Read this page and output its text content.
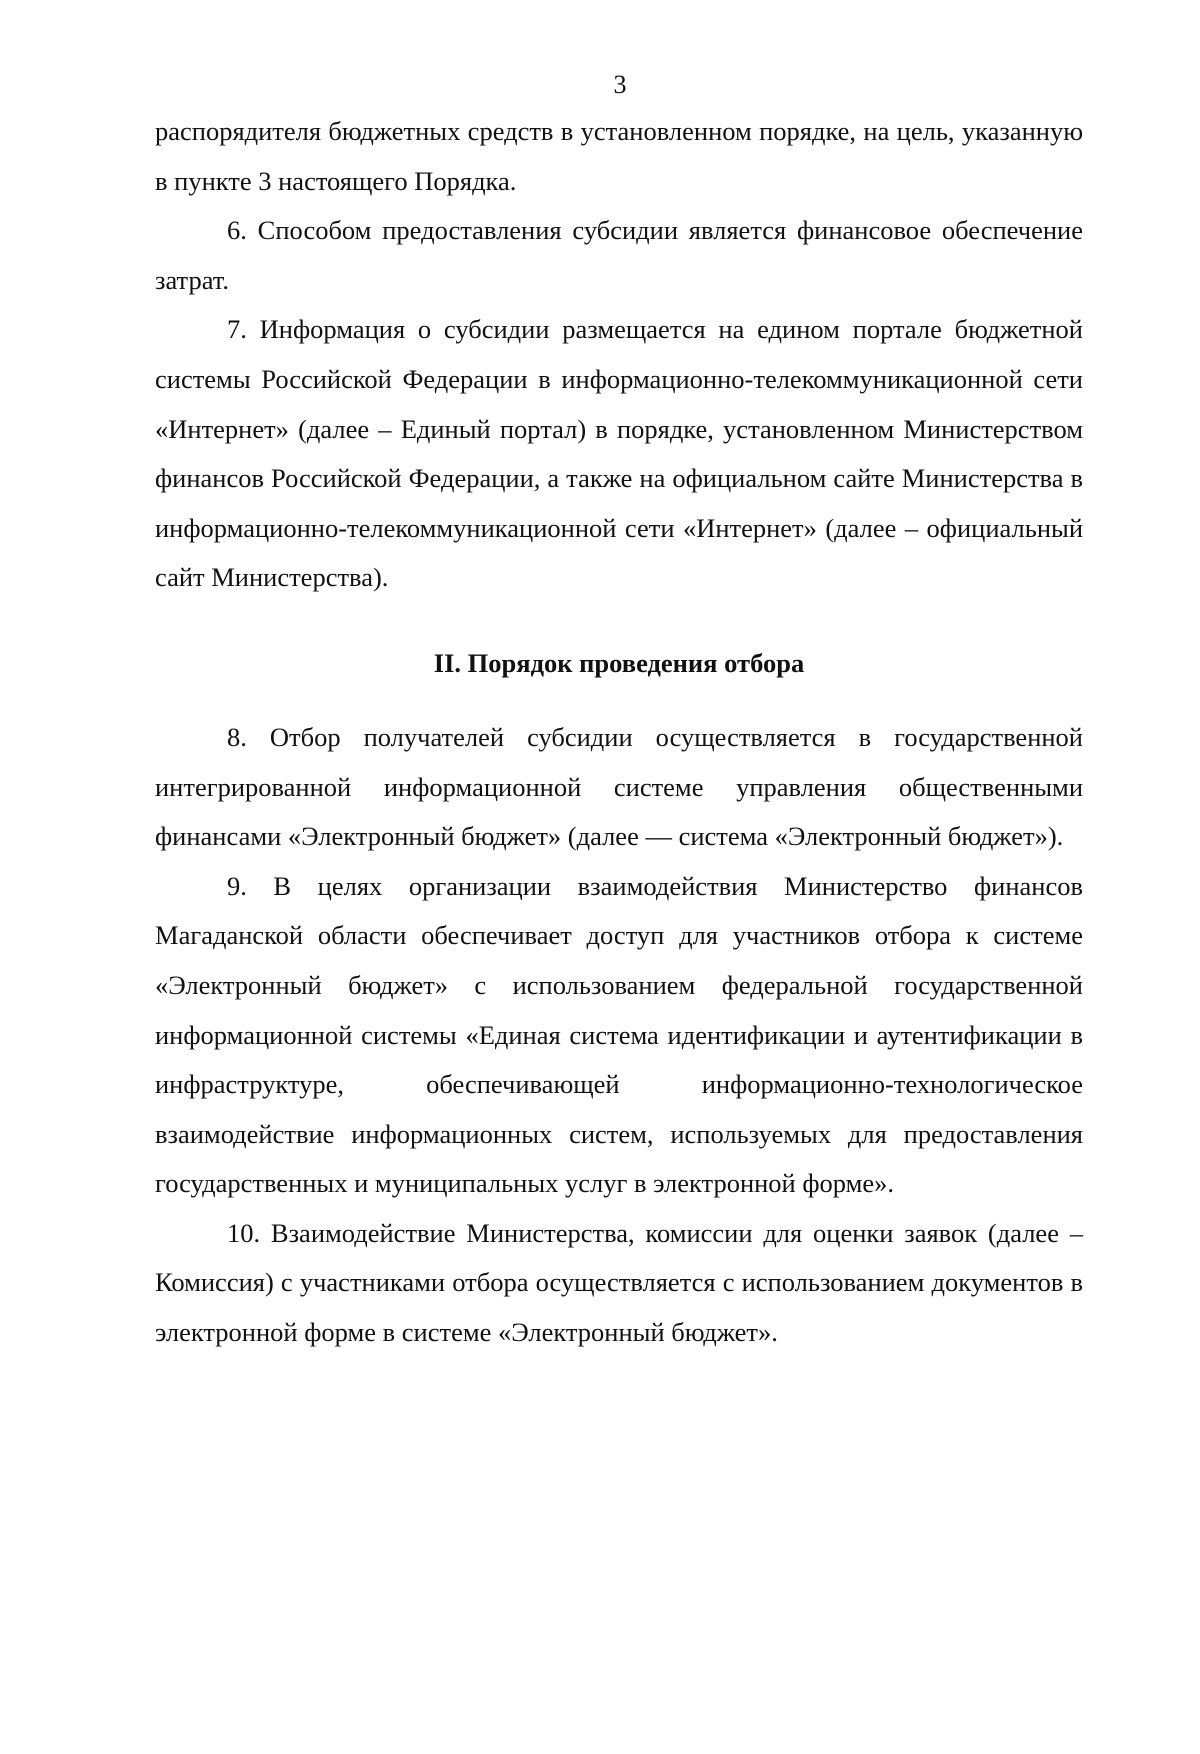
3

распорядителя бюджетных средств в установленном порядке, на цель, указанную в пункте 3 настоящего Порядка.

6. Способом предоставления субсидии является финансовое обеспечение затрат.

7. Информация о субсидии размещается на едином портале бюджетной системы Российской Федерации в информационно-телекоммуникационной сети «Интернет» (далее – Единый портал) в порядке, установленном Министерством финансов Российской Федерации, а также на официальном сайте Министерства в информационно-телекоммуникационной сети «Интернет» (далее – официальный сайт Министерства).

II. Порядок проведения отбора

8. Отбор получателей субсидии осуществляется в государственной интегрированной информационной системе управления общественными финансами «Электронный бюджет» (далее — система «Электронный бюджет»).

9. В целях организации взаимодействия Министерство финансов Магаданской области обеспечивает доступ для участников отбора к системе «Электронный бюджет» с использованием федеральной государственной информационной системы «Единая система идентификации и аутентификации в инфраструктуре, обеспечивающей информационно-технологическое взаимодействие информационных систем, используемых для предоставления государственных и муниципальных услуг в электронной форме».

10. Взаимодействие Министерства, комиссии для оценки заявок (далее – Комиссия) с участниками отбора осуществляется с использованием документов в электронной форме в системе «Электронный бюджет».
